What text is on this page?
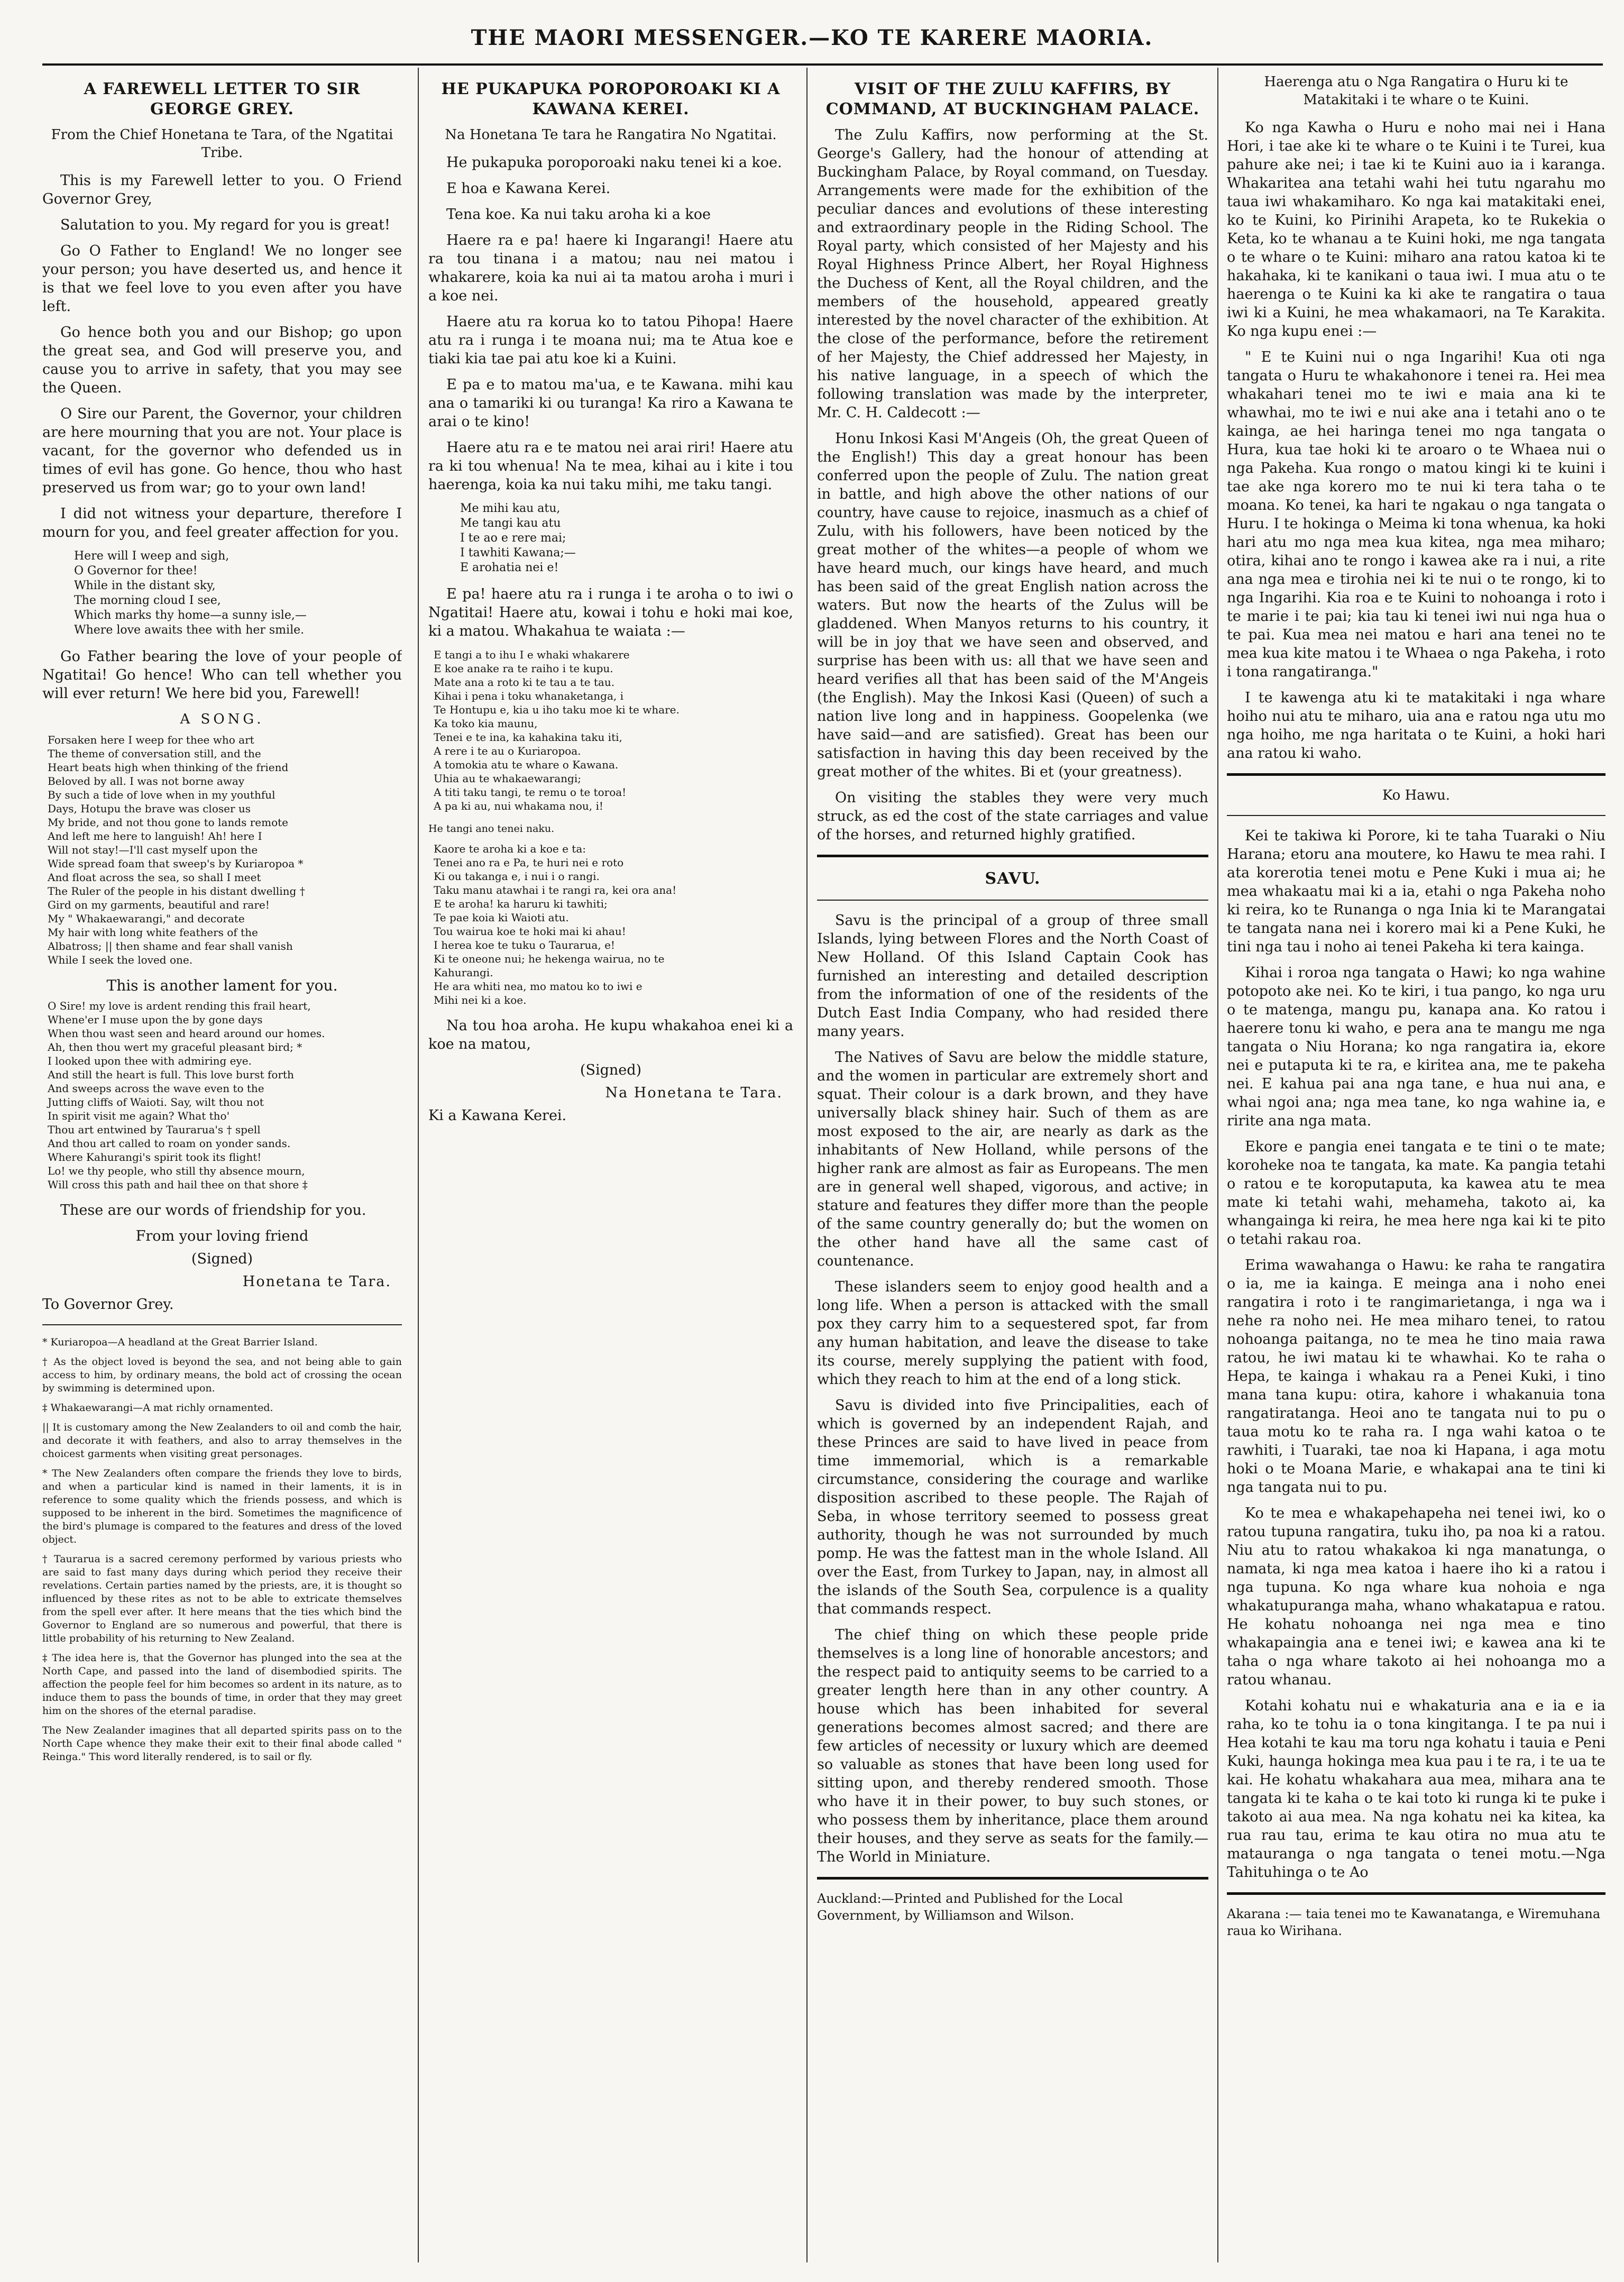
THE MAORI MESSENGER.—KO TE KARERE MAORIA.
A FAREWELL LETTER TO SIR GEORGE GREY.
From the Chief Honetana te Tara, of the Ngatitai Tribe.

This is my Farewell letter to you. O Friend Governor Grey,

Salutation to you. My regard for you is great!

Go O Father to England! We no longer see your person; you have deserted us, and hence it is that we feel love to you even after you have left.

Go hence both you and our Bishop; go upon the great sea, and God will preserve you, and cause you to arrive in safety, that you may see the Queen.

O Sire our Parent, the Governor, your children are here mourning that you are not. Your place is vacant, for the governor who defended us in times of evil has gone. Go hence, thou who hast preserved us from war; go to your own land!

I did not witness your departure, therefore I mourn for you, and feel greater affection for you.

Here will I weep and sigh,
O Governor for thee!
While in the distant sky,
The morning cloud I see,
Which marks thy home—a sunny isle,—
Where love awaits thee with her smile.

Go Father bearing the love of your people of Ngatitai! Go hence! Who can tell whether you will ever return! We here bid you, Farewell!

A SONG.
Forsaken here I weep for thee who art
The theme of conversation still, and the
Heart beats high when thinking of the friend
Beloved by all. I was not borne away
By such a tide of love when in my youthful
Days, Hotupu the brave was closer us
My bride, and not thou gone to lands remote
And left me here to languish! Ah! here I
Will not stay!—I'll cast myself upon the
Wide spread foam that sweep's by Kuriaropoa *
And float across the sea, so shall I meet
The Ruler of the people in his distant dwelling †
Gird on my garments, beautiful and rare!
My " Whakaewarangi," and decorate
My hair with long white feathers of the
Albatross; || then shame and fear shall vanish
While I seek the loved one.
This is another lament for you.
O Sire! my love is ardent rending this frail heart,
Whene'er I muse upon the by gone days
When thou wast seen and heard around our homes.
Ah, then thou wert my graceful pleasant bird; *
I looked upon thee with admiring eye.
And still the heart is full. This love burst forth
And sweeps across the wave even to the
Jutting cliffs of Waioti. Say, wilt thou not
In spirit visit me again? What tho'
Thou art entwined by Taurarua's † spell
And thou art called to roam on yonder sands.
Where Kahurangi's spirit took its flight!
Lo! we thy people, who still thy absence mourn,
Will cross this path and hail thee on that shore ‡

These are our words of friendship for you.

From your loving friend
(Signed)
Honetana te Tara.
To Governor Grey.
* Kuriaropoa—A headland at the Great Barrier Island.
† As the object loved is beyond the sea, and not being able to gain access to him, by ordinary means, the bold act of crossing the ocean by swimming is determined upon.
‡ Whakaewarangi—A mat richly ornamented.
|| It is customary among the New Zealanders to oil and comb the hair, and decorate it with feathers, and also to array themselves in the choicest garments when visiting great personages.
* The New Zealanders often compare the friends they love to birds, and when a particular kind is named in their laments, it is in reference to some quality which the friends possess, and which is supposed to be inherent in the bird. Sometimes the magnificence of the bird's plumage is compared to the features and dress of the loved object.
† Taurarua is a sacred ceremony performed by various priests who are said to fast many days during which period they receive their revelations. Certain parties named by the priests, are, it is thought so influenced by these rites as not to be able to extricate themselves from the spell ever after. It here means that the ties which bind the Governor to England are so numerous and powerful, that there is little probability of his returning to New Zealand.
‡ The idea here is, that the Governor has plunged into the sea at the North Cape, and passed into the land of disembodied spirits. The affection the people feel for him becomes so ardent in its nature, as to induce them to pass the bounds of time, in order that they may greet him on the shores of the eternal paradise.
The New Zealander imagines that all departed spirits pass on to the North Cape whence they make their exit to their final abode called " Reinga." This word literally rendered, is to sail or fly.
HE PUKAPUKA POROPOROAKI KI A KAWANA KEREI.
Na Honetana Te tara he Rangatira No Ngatitai.

He pukapuka poroporoaki naku tenei ki a koe.

E hoa e Kawana Kerei.

Tena koe. Ka nui taku aroha ki a koe

Haere ra e pa! haere ki Ingarangi! Haere atu ra tou tinana i a matou; nau nei matou i whakarere, koia ka nui ai ta matou aroha i muri i a koe nei.

Haere atu ra korua ko to tatou Pihopa! Haere atu ra i runga i te moana nui; ma te Atua koe e tiaki kia tae pai atu koe ki a Kuini.

E pa e to matou ma'ua, e te Kawana. mihi kau ana o tamariki ki ou turanga! Ka riro a Kawana te arai o te kino!

Haere atu ra e te matou nei arai riri! Haere atu ra ki tou whenua! Na te mea, kihai au i kite i tou haerenga, koia ka nui taku mihi, me taku tangi.

Me mihi kau atu,
Me tangi kau atu
I te ao e rere mai;
I tawhiti Kawana;—
E arohatia nei e!

E pa! haere atu ra i runga i te aroha o to iwi o Ngatitai! Haere atu, kowai i tohu e hoki mai koe, ki a matou. Whakahua te waiata :—

E tangi a to ihu I e whaki whakarere
E koe anake ra te raiho i te kupu.
Mate ana a roto ki te tau a te tau.
Kihai i pena i toku whanaketanga, i
Te Hontupu e, kia u iho taku moe ki te whare.
Ka toko kia maunu,
Tenei e te ina, ka kahakina taku iti,
A rere i te au o Kuriaropoa.
A tomokia atu te whare o Kawana.
Uhia au te whakaewarangi;
A titi taku tangi, te remu o te toroa!
A pa ki au, nui whakama nou, i!
He tangi ano tenei naku.
Kaore te aroha ki a koe e ta:
Tenei ano ra e Pa, te huri nei e roto
Ki ou takanga e, i nui i o rangi.
Taku manu atawhai i te rangi ra, kei ora ana!
E te aroha! ka haruru ki tawhiti;
Te pae koia ki Waioti atu.
Tou wairua koe te hoki mai ki ahau!
I herea koe te tuku o Taurarua, e!
Ki te oneone nui; he hekenga wairua, no te
Kahurangi.
He ara whiti nea, mo matou ko to iwi e
Mihi nei ki a koe.

Na tou hoa aroha. He kupu whakahoa enei ki a koe na matou,

(Signed)
Na Honetana te Tara.
Ki a Kawana Kerei.
VISIT OF THE ZULU KAFFIRS, BY COMMAND, AT BUCKINGHAM PALACE.

The Zulu Kaffirs, now performing at the St. George's Gallery, had the honour of attending at Buckingham Palace, by Royal command, on Tuesday. Arrangements were made for the exhibition of the peculiar dances and evolutions of these interesting and extraordinary people in the Riding School. The Royal party, which consisted of her Majesty and his Royal Highness Prince Albert, her Royal Highness the Duchess of Kent, all the Royal children, and the members of the household, appeared greatly interested by the novel character of the exhibition. At the close of the performance, before the retirement of her Majesty, the Chief addressed her Majesty, in his native language, in a speech of which the following translation was made by the interpreter, Mr. C. H. Caldecott :—

Honu Inkosi Kasi M'Angeis (Oh, the great Queen of the English!) This day a great honour has been conferred upon the people of Zulu. The nation great in battle, and high above the other nations of our country, have cause to rejoice, inasmuch as a chief of Zulu, with his followers, have been noticed by the great mother of the whites—a people of whom we have heard much, our kings have heard, and much has been said of the great English nation across the waters. But now the hearts of the Zulus will be gladdened. When Manyos returns to his country, it will be in joy that we have seen and observed, and surprise has been with us: all that we have seen and heard verifies all that has been said of the M'Angeis (the English). May the Inkosi Kasi (Queen) of such a nation live long and in happiness. Goopelenka (we have said—and are satisfied). Great has been our satisfaction in having this day been received by the great mother of the whites. Bi et (your greatness).

On visiting the stables they were very much struck, as ed the cost of the state carriages and value of the horses, and returned highly gratified.

SAVU.

Savu is the principal of a group of three small Islands, lying between Flores and the North Coast of New Holland. Of this Island Captain Cook has furnished an interesting and detailed description from the information of one of the residents of the Dutch East India Company, who had resided there many years.

The Natives of Savu are below the middle stature, and the women in particular are extremely short and squat. Their colour is a dark brown, and they have universally black shiney hair. Such of them as are most exposed to the air, are nearly as dark as the inhabitants of New Holland, while persons of the higher rank are almost as fair as Europeans. The men are in general well shaped, vigorous, and active; in stature and features they differ more than the people of the same country generally do; but the women on the other hand have all the same cast of countenance.

These islanders seem to enjoy good health and a long life. When a person is attacked with the small pox they carry him to a sequestered spot, far from any human habitation, and leave the disease to take its course, merely supplying the patient with food, which they reach to him at the end of a long stick.

Savu is divided into five Principalities, each of which is governed by an independent Rajah, and these Princes are said to have lived in peace from time immemorial, which is a remarkable circumstance, considering the courage and warlike disposition ascribed to these people. The Rajah of Seba, in whose territory seemed to possess great authority, though he was not surrounded by much pomp. He was the fattest man in the whole Island. All over the East, from Turkey to Japan, nay, in almost all the islands of the South Sea, corpulence is a quality that commands respect.

The chief thing on which these people pride themselves is a long line of honorable ancestors; and the respect paid to antiquity seems to be carried to a greater length here than in any other country. A house which has been inhabited for several generations becomes almost sacred; and there are few articles of necessity or luxury which are deemed so valuable as stones that have been long used for sitting upon, and thereby rendered smooth. Those who have it in their power, to buy such stones, or who possess them by inheritance, place them around their houses, and they serve as seats for the family.—The World in Miniature.

Auckland:—Printed and Published for the Local Government, by Williamson and Wilson.
Haerenga atu o Nga Rangatira o Huru ki te Matakitaki i te whare o te Kuini.

Ko nga Kawha o Huru e noho mai nei i Hana Hori, i tae ake ki te whare o te Kuini i te Turei, kua pahure ake nei; i tae ki te Kuini auo ia i karanga. Whakaritea ana tetahi wahi hei tutu ngarahu mo taua iwi whakamiharo. Ko nga kai matakitaki enei, ko te Kuini, ko Pirinihi Arapeta, ko te Rukekia o Keta, ko te whanau a te Kuini hoki, me nga tangata o te whare o te Kuini: miharo ana ratou katoa ki te hakahaka, ki te kanikani o taua iwi. I mua atu o te haerenga o te Kuini ka ki ake te rangatira o taua iwi ki a Kuini, he mea whakamaori, na Te Karakita. Ko nga kupu enei :—

" E te Kuini nui o nga Ingarihi! Kua oti nga tangata o Huru te whakahonore i tenei ra. Hei mea whakahari tenei mo te iwi e maia ana ki te whawhai, mo te iwi e nui ake ana i tetahi ano o te kainga, ae hei haringa tenei mo nga tangata o Hura, kua tae hoki ki te aroaro o te Whaea nui o nga Pakeha. Kua rongo o matou kingi ki te kuini i tae ake nga korero mo te nui ki tera taha o te moana. Ko tenei, ka hari te ngakau o nga tangata o Huru. I te hokinga o Meima ki tona whenua, ka hoki hari atu mo nga mea kua kitea, nga mea miharo; otira, kihai ano te rongo i kawea ake ra i nui, a rite ana nga mea e tirohia nei ki te nui o te rongo, ki to nga Ingarihi. Kia roa e te Kuini to nohoanga i roto i te marie i te pai; kia tau ki tenei iwi nui nga hua o te pai. Kua mea nei matou e hari ana tenei no te mea kua kite matou i te Whaea o nga Pakeha, i roto i tona rangatiranga."

I te kawenga atu ki te matakitaki i nga whare hoiho nui atu te miharo, uia ana e ratou nga utu mo nga hoiho, me nga haritata o te Kuini, a hoki hari ana ratou ki waho.

Ko Hawu.

Kei te takiwa ki Porore, ki te taha Tuaraki o Niu Harana; etoru ana moutere, ko Hawu te mea rahi. I ata korerotia tenei motu e Pene Kuki i mua ai; he mea whakaatu mai ki a ia, etahi o nga Pakeha noho ki reira, ko te Runanga o nga Inia ki te Marangatai te tangata nana nei i korero mai ki a Pene Kuki, he tini nga tau i noho ai tenei Pakeha ki tera kainga.

Kihai i roroa nga tangata o Hawi; ko nga wahine potopoto ake nei. Ko te kiri, i tua pango, ko nga uru o te matenga, mangu pu, kanapa ana. Ko ratou i haerere tonu ki waho, e pera ana te mangu me nga tangata o Niu Horana; ko nga rangatira ia, ekore nei e putaputa ki te ra, e kiritea ana, me te pakeha nei. E kahua pai ana nga tane, e hua nui ana, e whai ngoi ana; nga mea tane, ko nga wahine ia, e ririte ana nga mata.

Ekore e pangia enei tangata e te tini o te mate; koroheke noa te tangata, ka mate. Ka pangia tetahi o ratou e te koroputaputa, ka kawea atu te mea mate ki tetahi wahi, mehameha, takoto ai, ka whangainga ki reira, he mea here nga kai ki te pito o tetahi rakau roa.

Erima wawahanga o Hawu: ke raha te rangatira o ia, me ia kainga. E meinga ana i noho enei rangatira i roto i te rangimarietanga, i nga wa i nehe ra noho nei. He mea miharo tenei, to ratou nohoanga paitanga, no te mea he tino maia rawa ratou, he iwi matau ki te whawhai. Ko te raha o Hepa, te kainga i whakau ra a Penei Kuki, i tino mana tana kupu: otira, kahore i whakanuia tona rangatiratanga. Heoi ano te tangata nui to pu o taua motu ko te raha ra. I nga wahi katoa o te rawhiti, i Tuaraki, tae noa ki Hapana, i aga motu hoki o te Moana Marie, e whakapai ana te tini ki nga tangata nui to pu.

Ko te mea e whakapehapeha nei tenei iwi, ko o ratou tupuna rangatira, tuku iho, pa noa ki a ratou. Niu atu to ratou whakakoa ki nga manatunga, o namata, ki nga mea katoa i haere iho ki a ratou i nga tupuna. Ko nga whare kua nohoia e nga whakatupuranga maha, whano whakatapua e ratou. He kohatu nohoanga nei nga mea e tino whakapaingia ana e tenei iwi; e kawea ana ki te taha o nga whare takoto ai hei nohoanga mo a ratou whanau.

Kotahi kohatu nui e whakaturia ana e ia e ia raha, ko te tohu ia o tona kingitanga. I te pa nui i Hea kotahi te kau ma toru nga kohatu i tauia e Peni Kuki, haunga hokinga mea kua pau i te ra, i te ua te kai. He kohatu whakahara aua mea, mihara ana te tangata ki te kaha o te kai toto ki runga ki te puke i takoto ai aua mea. Na nga kohatu nei ka kitea, ka rua rau tau, erima te kau otira no mua atu te matauranga o nga tangata o tenei motu.—Nga Tahituhinga o te Ao

Akarana :— taia tenei mo te Kawanatanga, e Wiremuhana raua ko Wirihana.
